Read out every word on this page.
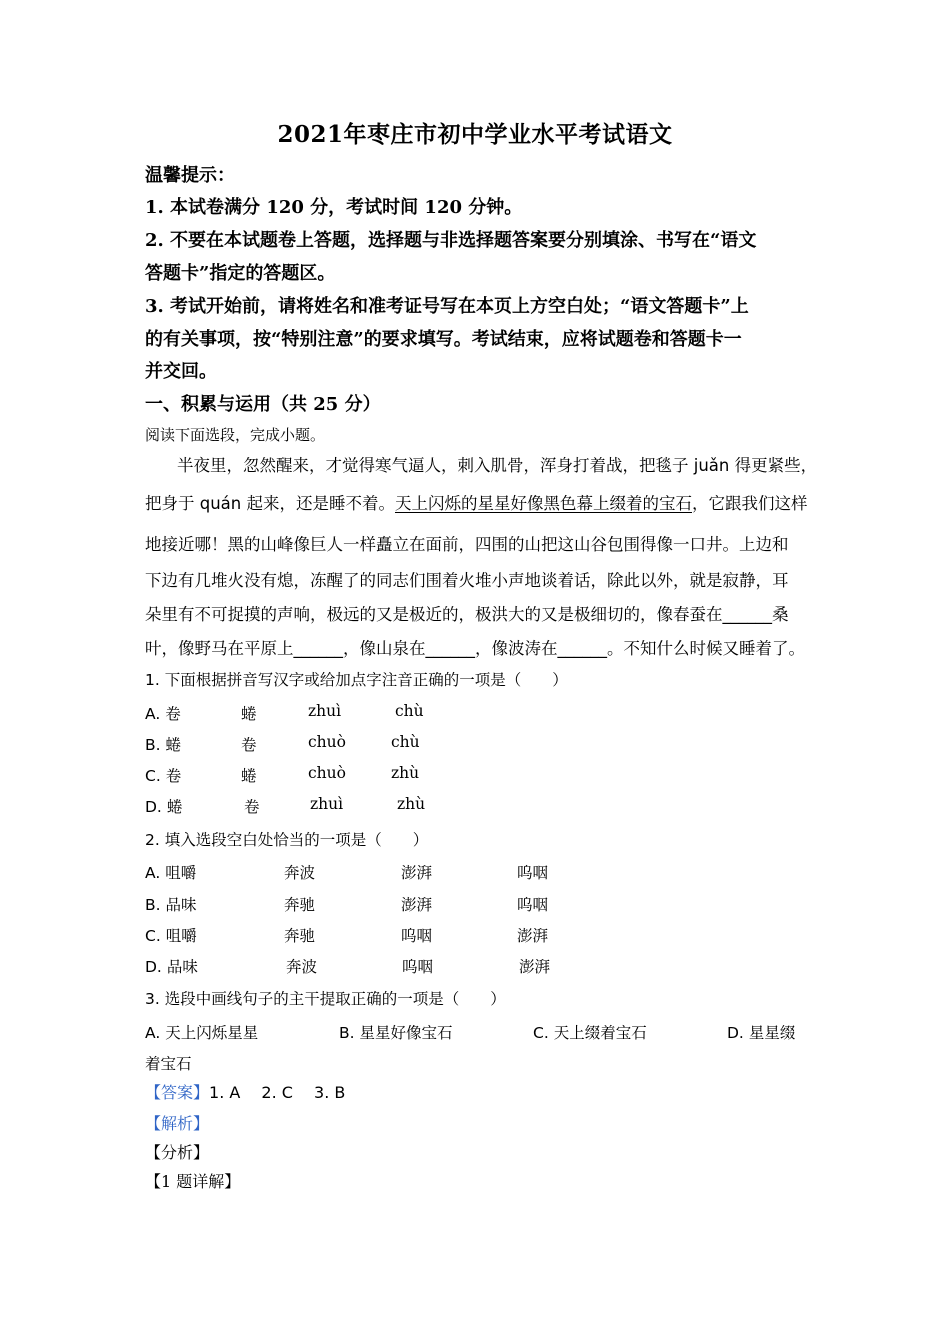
2021年枣庄市初中学业水平考试语文
温馨提示：
1. 本试卷满分 120 分，考试时间 120 分钟。
2. 不要在本试题卷上答题，选择题与非选择题答案要分别填涂、书写在“语文
答题卡”指定的答题区。
3. 考试开始前，请将姓名和准考证号写在本页上方空白处；“语文答题卡”上
的有关事项，按“特别注意”的要求填写。考试结束，应将试题卷和答题卡一
并交回。
一、积累与运用（共 25 分）
阅读下面选段，完成小题。
半夜里，忽然醒来，才觉得寒气逼人，刺入肌骨，浑身打着战，把毯子 juǎn 得更紧些，
把身于 quán 起来，还是睡不着。天上闪烁的星星好像黑色幕上缀着的宝石，它跟我们这样
地接近哪！黑的山峰像巨人一样矗立在面前，四围的山把这山谷包围得像一口井。上边和
下边有几堆火没有熄，冻醒了的同志们围着火堆小声地谈着话，除此以外，就是寂静，耳
朵里有不可捉摸的声响，极远的又是极近的，极洪大的又是极细切的，像春蚕在______桑
叶，像野马在平原上______，像山泉在______，像波涛在______。不知什么时候又睡着了。
1. 下面根据拼音写汉字或给加点字注音正确的一项是（　　）
A. 卷	蜷	zhuì	chù
B. 蜷	卷	chuò	chù
C. 卷	蜷	chuò	zhù
D. 蜷	卷	zhuì	zhù
2. 填入选段空白处恰当的一项是（　　）
A. 咀嚼	奔波	澎湃	呜咽
B. 品味	奔驰	澎湃	呜咽
C. 咀嚼	奔驰	呜咽	澎湃
D. 品味	奔波	呜咽	澎湃
3. 选段中画线句子的主干提取正确的一项是（　　）
A. 天上闪烁星星	B. 星星好像宝石	C. 天上缀着宝石	D. 星星缀
着宝石
【答案】1. A　 2. C　 3. B
【解析】
【分析】
【1 题详解】
